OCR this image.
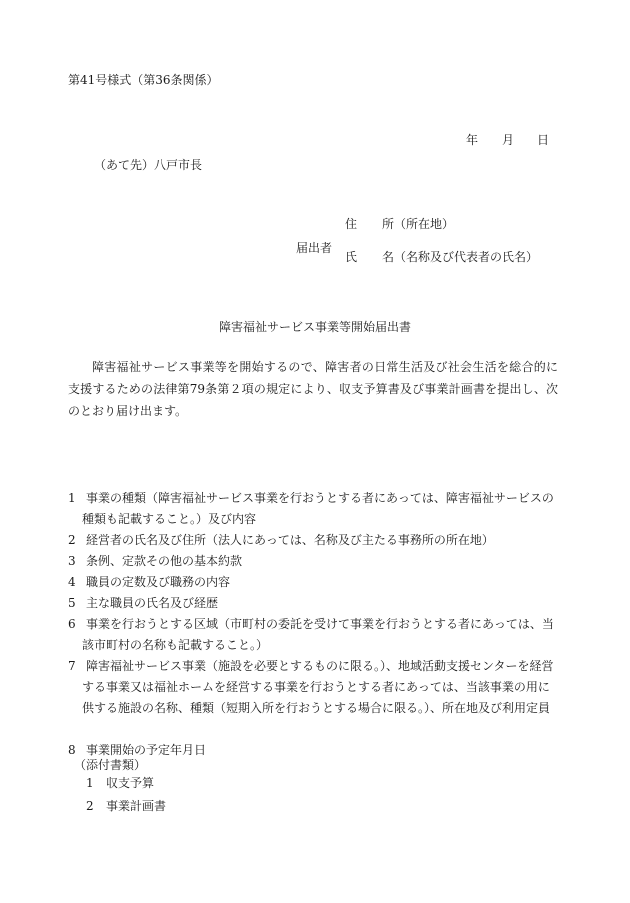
第41号様式（第36条関係）
年 月 日
（あて先）八戸市長
届出者
住 所（所在地）
氏 名（名称及び代表者の氏名）
障害福祉サービス事業等開始届出書
障害福祉サービス事業等を開始するので、障害者の日常生活及び社会生活を総合的に支援するための法律第79条第２項の規定により、収支予算書及び事業計画書を提出し、次のとおり届け出ます。
1 事業の種類（障害福祉サービス事業を行おうとする者にあっては、障害福祉サービスの種類も記載すること。）及び内容
2 経営者の氏名及び住所（法人にあっては、名称及び主たる事務所の所在地）
3 条例、定款その他の基本約款
4 職員の定数及び職務の内容
5 主な職員の氏名及び経歴
6 事業を行おうとする区域（市町村の委託を受けて事業を行おうとする者にあっては、当該市町村の名称も記載すること。）
7 障害福祉サービス事業（施設を必要とするものに限る。）、地域活動支援センターを経営する事業又は福祉ホームを経営する事業を行おうとする者にあっては、当該事業の用に供する施設の名称、種類（短期入所を行おうとする場合に限る。）、所在地及び利用定員
8 事業開始の予定年月日
（添付書類）
1 収支予算
2 事業計画書
